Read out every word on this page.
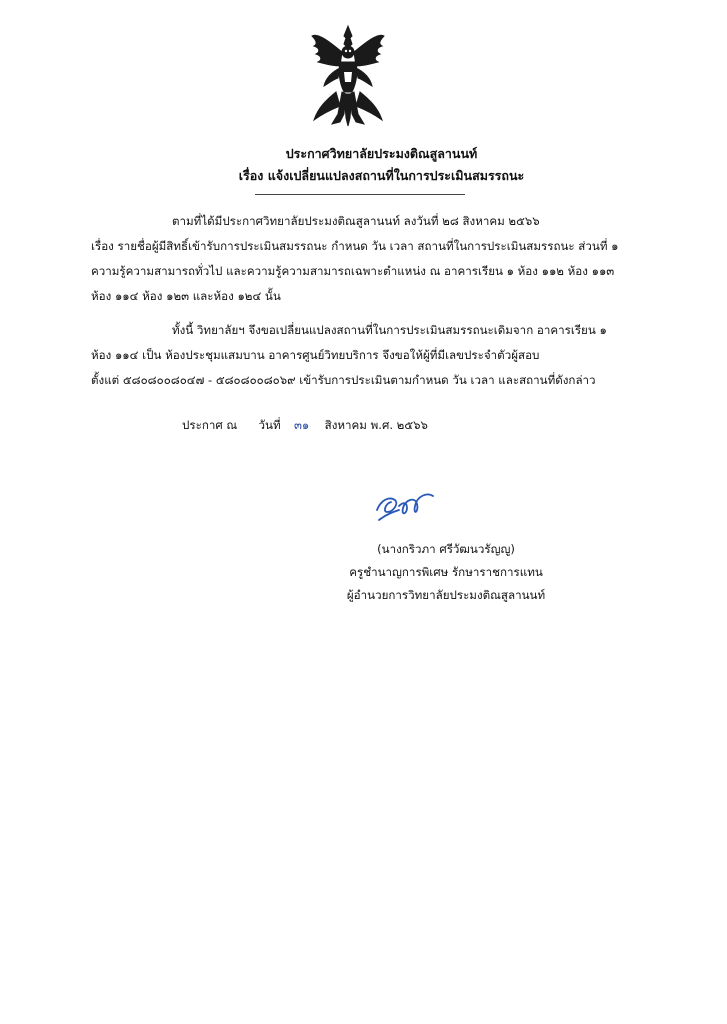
ประกาศวิทยาลัยประมงติณสูลานนท์
เรื่อง แจ้งเปลี่ยนแปลงสถานที่ในการประเมินสมรรถนะ
ตามที่ได้มีประกาศวิทยาลัยประมงติณสูลานนท์ ลงวันที่ ๒๘ สิงหาคม ๒๕๖๖
เรื่อง รายชื่อผู้มีสิทธิ์เข้ารับการประเมินสมรรถนะ กำหนด วัน เวลา สถานที่ในการประเมินสมรรถนะ ส่วนที่ ๑
ความรู้ความสามารถทั่วไป และความรู้ความสามารถเฉพาะตำแหน่ง ณ อาคารเรียน ๑ ห้อง ๑๑๒ ห้อง ๑๑๓
ห้อง ๑๑๔ ห้อง ๑๒๓ และห้อง ๑๒๔ นั้น
ทั้งนี้ วิทยาลัยฯ จึงขอเปลี่ยนแปลงสถานที่ในการประเมินสมรรถนะเดิมจาก อาคารเรียน ๑
ห้อง ๑๑๔ เป็น ห้องประชุมแสมบาน อาคารศูนย์วิทยบริการ จึงขอให้ผู้ที่มีเลขประจำตัวผู้สอบ
ตั้งแต่ ๕๘๐๘๐๐๘๐๔๗ - ๕๘๐๘๐๐๘๐๖๙ เข้ารับการประเมินตามกำหนด วัน เวลา และสถานที่ดังกล่าว
ประกาศ ณ วันที่ ๓๑ สิงหาคม พ.ศ. ๒๕๖๖
(นางกริวภา ศรีวัฒนวรัญญู)
ครูชำนาญการพิเศษ รักษาราชการแทน
ผู้อำนวยการวิทยาลัยประมงติณสูลานนท์
